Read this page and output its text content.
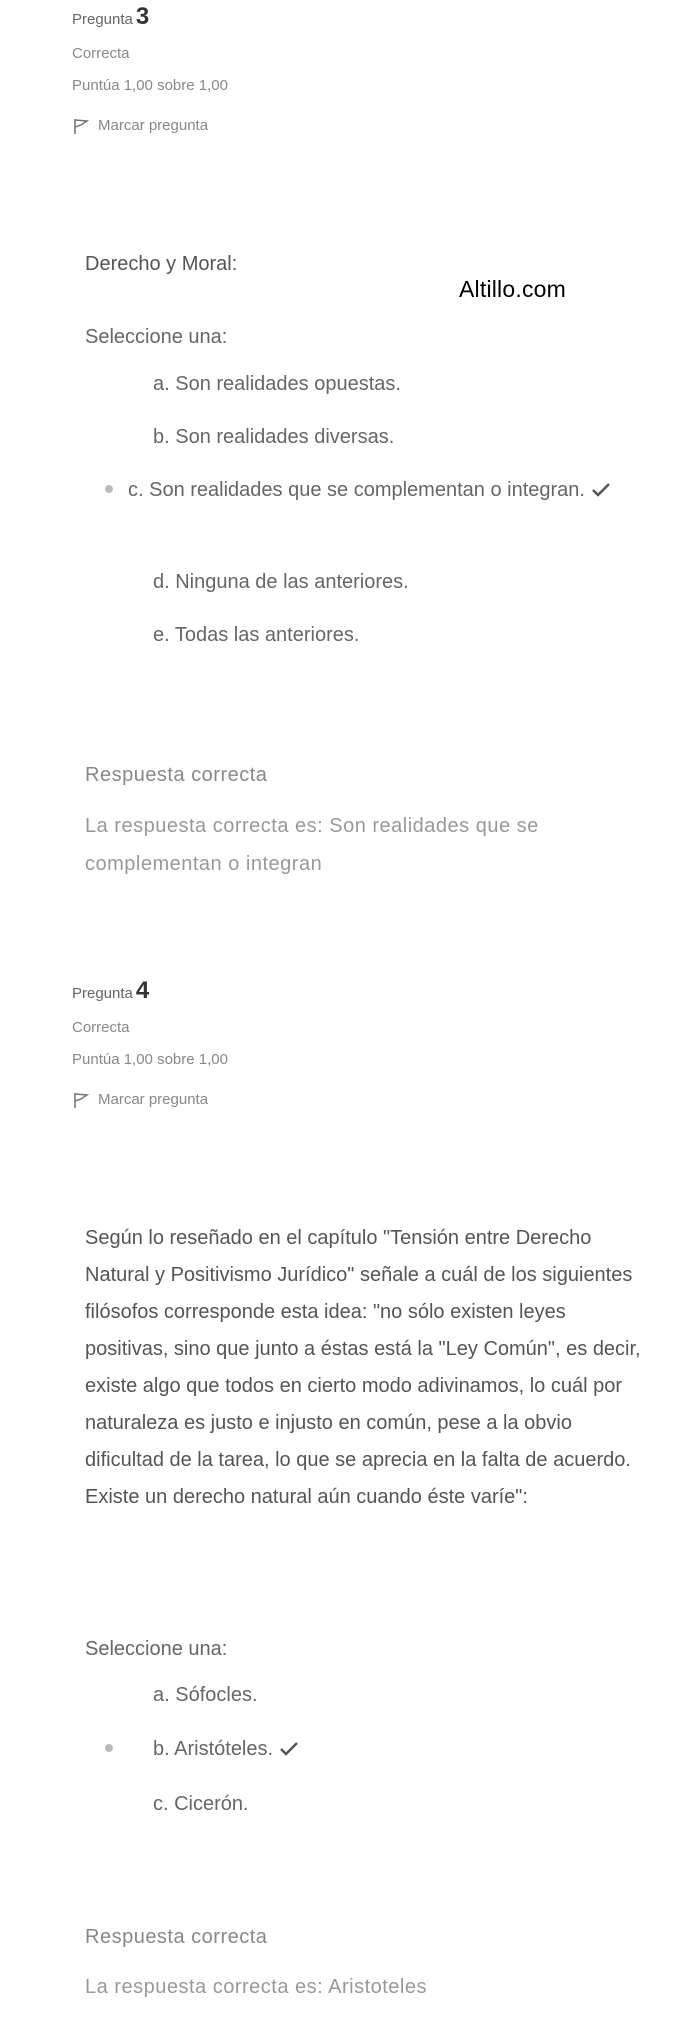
Altillo.com
Pregunta 3
Correcta
Puntúa 1,00 sobre 1,00
Marcar pregunta
Derecho y Moral:
Seleccione una:
a. Son realidades opuestas.
b. Son realidades diversas.
c. Son realidades que se complementan o integran.
d. Ninguna de las anteriores.
e. Todas las anteriores.
Respuesta correcta
La respuesta correcta es: Son realidades que se complementan o integran
Pregunta 4
Correcta
Puntúa 1,00 sobre 1,00
Marcar pregunta
Según lo reseñado en el capítulo "Tensión entre Derecho Natural y Positivismo Jurídico" señale a cuál de los siguientes filósofos corresponde esta idea: "no sólo existen leyes positivas, sino que junto a éstas está la "Ley Común", es decir, existe algo que todos en cierto modo adivinamos, lo cuál por naturaleza es justo e injusto en común, pese a la obvio dificultad de la tarea, lo que se aprecia en la falta de acuerdo. Existe un derecho natural aún cuando éste varíe":
Seleccione una:
a. Sófocles.
b. Aristóteles.
c. Cicerón.
Respuesta correcta
La respuesta correcta es: Aristoteles
